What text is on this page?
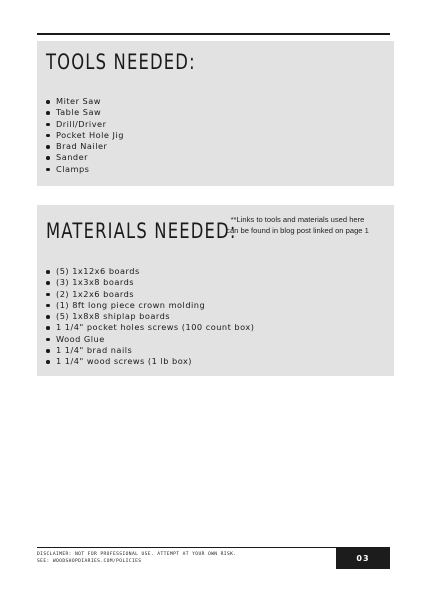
TOOLS NEEDED:
Miter Saw
Table Saw
Drill/Driver
Pocket Hole Jig
Brad Nailer
Sander
Clamps
MATERIALS NEEDED:
**Links to tools and materials used here
can be found in blog post linked on page 1
(5) 1x12x6 boards
(3) 1x3x8 boards
(2) 1x2x6 boards
(1) 8ft long piece crown molding
(5) 1x8x8 shiplap boards
1 1/4" pocket holes screws (100 count box)
Wood Glue
1 1/4" brad nails
1 1/4" wood screws (1 lb box)
DISCLAIMER: NOT FOR PROFESSIONAL USE. ATTEMPT AT YOUR OWN RISK.
SEE: WOODSHOPDIARIES.COM/POLICIES	03
